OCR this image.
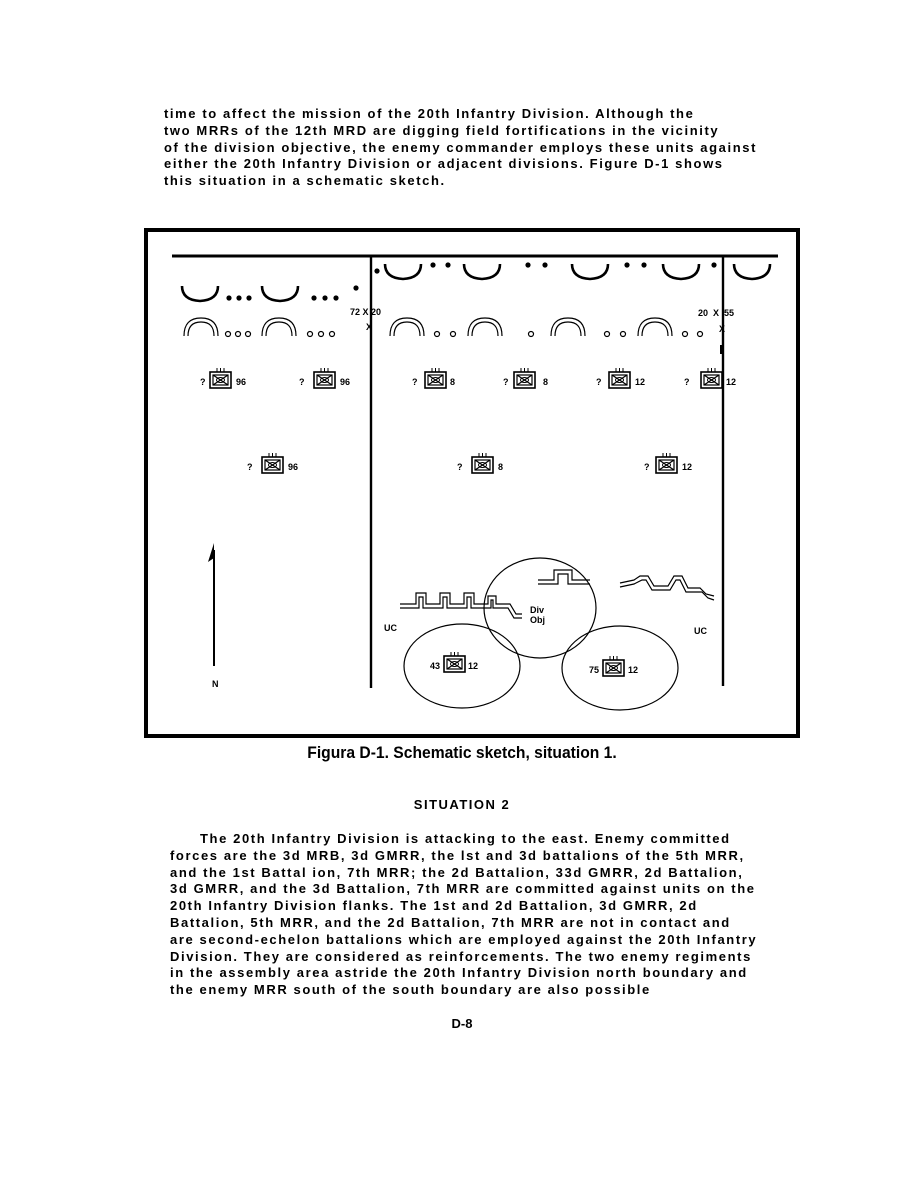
time to affect the mission of the 20th Infantry Division. Although the
two MRRs of the 12th MRD are digging field fortifications in the vicinity
of the division objective, the enemy commander employs these units against
either the 20th Infantry Division or adjacent divisions. Figure D-1 shows
this situation in a schematic sketch.
72 X 20
X
20  X  55
X
?	96	?	96	?	8	?	8	?	12	?	12
?	96	?	8	?	12
N
Div
Obj
UC	UC
43	12	75	12
Figura D-1. Schematic sketch, situation 1.
SITUATION 2
The 20th Infantry Division is attacking to the east. Enemy committed
forces are the 3d MRB, 3d GMRR, the lst and 3d battalions of the 5th MRR,
and the 1st Battal ion, 7th MRR; the 2d Battalion, 33d GMRR, 2d Battalion,
3d GMRR, and the 3d Battalion, 7th MRR are committed against units on the
20th Infantry Division flanks. The 1st and 2d Battalion, 3d GMRR, 2d
Battalion, 5th MRR, and the 2d Battalion, 7th MRR are not in contact and
are second-echelon battalions which are employed against the 20th Infantry
Division. They are considered as reinforcements. The two enemy regiments
in the assembly area astride the 20th Infantry Division north boundary and
the enemy MRR south of the south boundary are also possible
D-8
